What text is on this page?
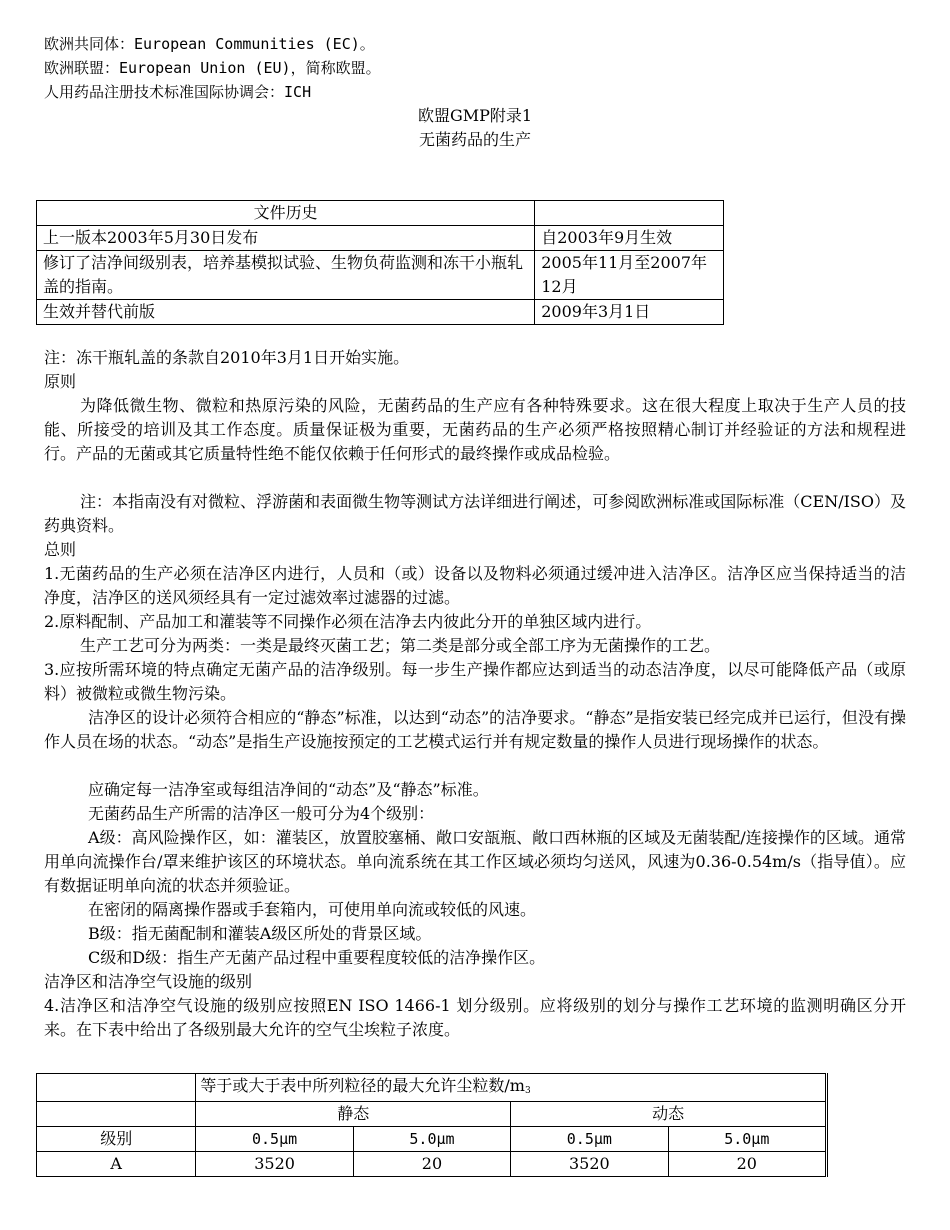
欧洲共同体：European Communities (EC)。
欧洲联盟：European Union (EU)，简称欧盟。
人用药品注册技术标准国际协调会：ICH
欧盟GMP附录1
无菌药品的生产
文件历史	
上一版本2003年5月30日发布	自2003年9月生效
修订了洁净间级别表，培养基模拟试验、生物负荷监测和冻干小瓶轧盖的指南。	2005年11月至2007年12月
生效并替代前版	2009年3月1日
注：冻干瓶轧盖的条款自2010年3月1日开始实施。
原则
为降低微生物、微粒和热原污染的风险，无菌药品的生产应有各种特殊要求。这在很大程度上取决于生产人员的技能、所接受的培训及其工作态度。质量保证极为重要，无菌药品的生产必须严格按照精心制订并经验证的方法和规程进行。产品的无菌或其它质量特性绝不能仅依赖于任何形式的最终操作或成品检验。
注：本指南没有对微粒、浮游菌和表面微生物等测试方法详细进行阐述，可参阅欧洲标准或国际标准（CEN/ISO）及药典资料。
总则
1.无菌药品的生产必须在洁净区内进行，人员和（或）设备以及物料必须通过缓冲进入洁净区。洁净区应当保持适当的洁净度，洁净区的送风须经具有一定过滤效率过滤器的过滤。
2.原料配制、产品加工和灌装等不同操作必须在洁净去内彼此分开的单独区域内进行。
生产工艺可分为两类：一类是最终灭菌工艺；第二类是部分或全部工序为无菌操作的工艺。
3.应按所需环境的特点确定无菌产品的洁净级别。每一步生产操作都应达到适当的动态洁净度，以尽可能降低产品（或原料）被微粒或微生物污染。
洁净区的设计必须符合相应的“静态”标准，以达到“动态”的洁净要求。“静态”是指安装已经完成并已运行，但没有操作人员在场的状态。“动态”是指生产设施按预定的工艺模式运行并有规定数量的操作人员进行现场操作的状态。
应确定每一洁净室或每组洁净间的“动态”及“静态”标准。
无菌药品生产所需的洁净区一般可分为4个级别：
A级：高风险操作区，如：灌装区，放置胶塞桶、敞口安瓿瓶、敞口西林瓶的区域及无菌装配/连接操作的区域。通常用单向流操作台/罩来维护该区的环境状态。单向流系统在其工作区域必须均匀送风，风速为0.36-0.54m/s（指导值）。应有数据证明单向流的状态并须验证。
在密闭的隔离操作器或手套箱内，可使用单向流或较低的风速。
B级：指无菌配制和灌装A级区所处的背景区域。
C级和D级：指生产无菌产品过程中重要程度较低的洁净操作区。
洁净区和洁净空气设施的级别
4.洁净区和洁净空气设施的级别应按照EN ISO 1466-1 划分级别。应将级别的划分与操作工艺环境的监测明确区分开来。在下表中给出了各级别最大允许的空气尘埃粒子浓度。
	等于或大于表中所列粒径的最大允许尘粒数$/m_3$
	静态		动态	
级别	0.5μm	5.0μm	0.5μm	5.0μm
A	3520	20	3520	20
